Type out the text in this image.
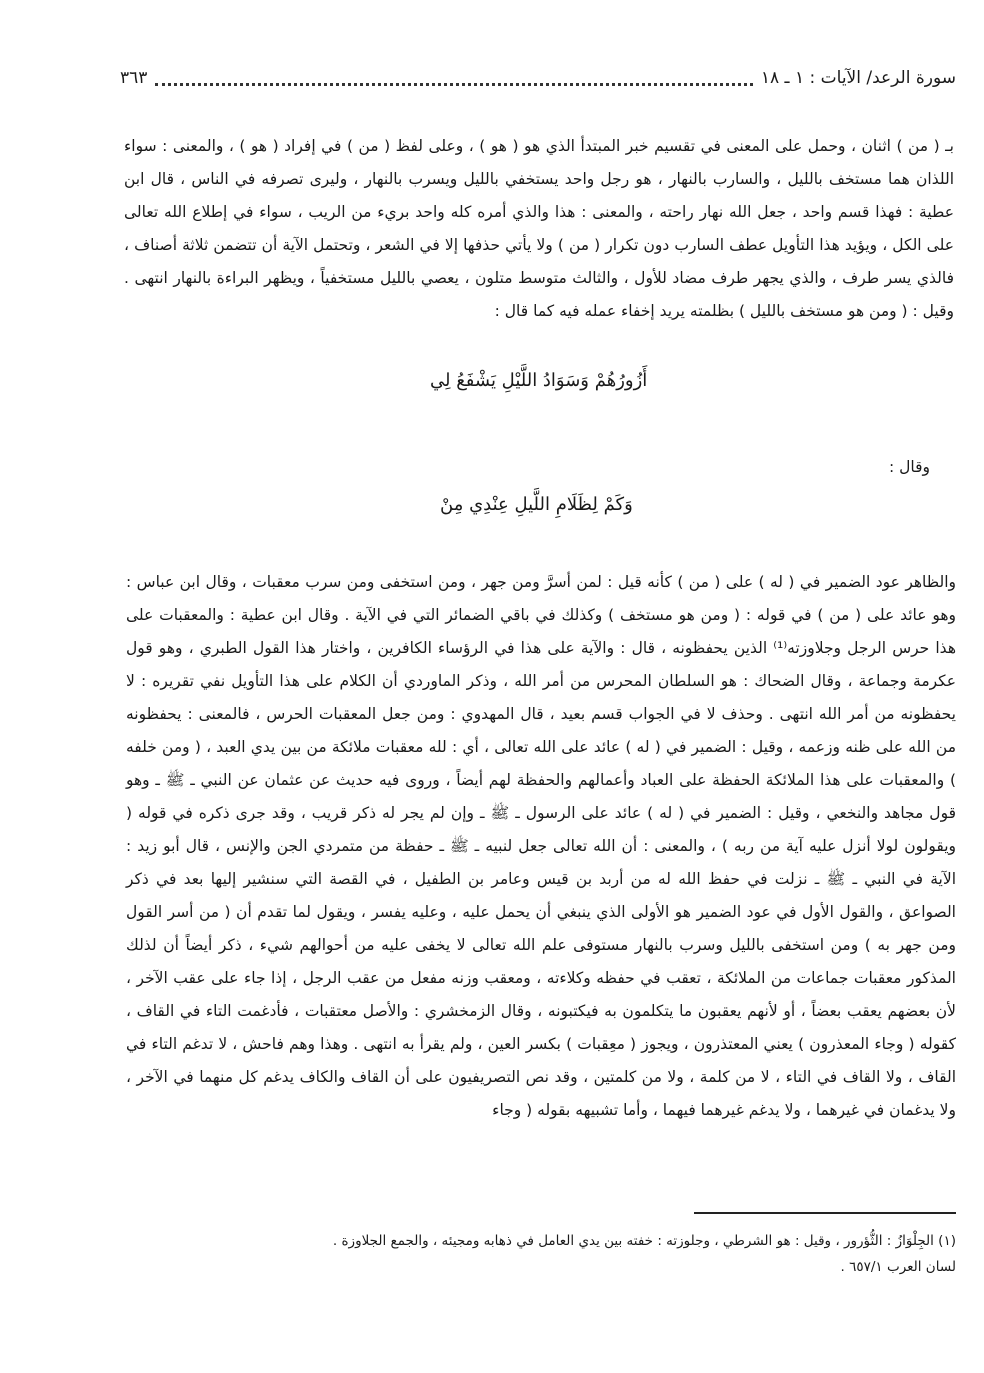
سورة الرعد/ الآيات : ١ ـ ١٨
٣٦٣

بـ ( من ) اثنان ، وحمل على المعنى في تقسيم خبر المبتدأ الذي هو ( هو ) ، وعلى لفظ ( من ) في إفراد ( هو ) ، والمعنى : سواء اللذان هما مستخف بالليل ، والسارب بالنهار ، هو رجل واحد يستخفي بالليل ويسرب بالنهار ، وليرى تصرفه في الناس ، قال ابن عطية : فهذا قسم واحد ، جعل الله نهار راحته ، والمعنى : هذا والذي أمره كله واحد بريء من الريب ، سواء في إطلاع الله تعالى على الكل ، ويؤيد هذا التأويل عطف السارب دون تكرار ( من ) ولا يأتي حذفها إلا في الشعر ، وتحتمل الآية أن تتضمن ثلاثة أصناف ، فالذي يسر طرف ، والذي يجهر طرف مضاد للأول ، والثالث متوسط متلون ، يعصي بالليل مستخفياً ، ويظهر البراءة بالنهار انتهى . وقيل : ( ومن هو مستخف بالليل ) بظلمته يريد إخفاء عمله فيه كما قال :

أَزُورُهُمْ وَسَوَادُ اللَّيْلِ يَشْفَعُ لِي
وقال :
وَكَمْ لِظَلَامِ اللَّيلِ عِنْدِي مِنْ

والظاهر عود الضمير في ( له ) على ( من ) كأنه قيل : لمن أسرَّ ومن جهر ، ومن استخفى ومن سرب معقبات ، وقال ابن عباس : وهو عائد على ( من ) في قوله : ( ومن هو مستخف ) وكذلك في باقي الضمائر التي في الآية . وقال ابن عطية : والمعقبات على هذا حرس الرجل وجلاوزته⁽¹⁾ الذين يحفظونه ، قال : والآية على هذا في الرؤساء الكافرين ، واختار هذا القول الطبري ، وهو قول عكرمة وجماعة ، وقال الضحاك : هو السلطان المحرس من أمر الله ، وذكر الماوردي أن الكلام على هذا التأويل نفي تقريره : لا يحفظونه من أمر الله انتهى . وحذف لا في الجواب قسم بعيد ، قال المهدوي : ومن جعل المعقبات الحرس ، فالمعنى : يحفظونه من الله على ظنه وزعمه ، وقيل : الضمير في ( له ) عائد على الله تعالى ، أي : لله معقبات ملائكة من بين يدي العبد ، ( ومن خلفه ) والمعقبات على هذا الملائكة الحفظة على العباد وأعمالهم والحفظة لهم أيضاً ، وروى فيه حديث عن عثمان عن النبي ـ ﷺ ـ وهو قول مجاهد والنخعي ، وقيل : الضمير في ( له ) عائد على الرسول ـ ﷺ ـ وإن لم يجر له ذكر قريب ، وقد جرى ذكره في قوله ( ويقولون لولا أنزل عليه آية من ربه ) ، والمعنى : أن الله تعالى جعل لنبيه ـ ﷺ ـ حفظة من متمردي الجن والإنس ، قال أبو زيد : الآية في النبي ـ ﷺ ـ نزلت في حفظ الله له من أربد بن قيس وعامر بن الطفيل ، في القصة التي سنشير إليها بعد في ذكر الصواعق ، والقول الأول في عود الضمير هو الأولى الذي ينبغي أن يحمل عليه ، وعليه يفسر ، ويقول لما تقدم أن ( من أسر القول ومن جهر به ) ومن استخفى بالليل وسرب بالنهار مستوفى علم الله تعالى لا يخفى عليه من أحوالهم شيء ، ذكر أيضاً أن لذلك المذكور معقبات جماعات من الملائكة ، تعقب في حفظه وكلاءته ، ومعقب وزنه مفعل من عقب الرجل ، إذا جاء على عقب الآخر ، لأن بعضهم يعقب بعضاً ، أو لأنهم يعقبون ما يتكلمون به فيكتبونه ، وقال الزمخشري : والأصل معتقبات ، فأدغمت التاء في القاف ، كقوله ( وجاء المعذرون ) يعني المعتذرون ، ويجوز ( معِقبات ) بكسر العين ، ولم يقرأ به انتهى . وهذا وهم فاحش ، لا تدغم التاء في القاف ، ولا القاف في التاء ، لا من كلمة ، ولا من كلمتين ، وقد نص التصريفيون على أن القاف والكاف يدغم كل منهما في الآخر ، ولا يدغمان في غيرهما ، ولا يدغم غيرهما فيهما ، وأما تشبيهه بقوله ( وجاء

(١) الجِلْوَازُ : الثُّؤرور ، وقيل : هو الشرطي ، وجلوزته : خفته بين يدي العامل في ذهابه ومجيئه ، والجمع الجلاوزة .
لسان العرب ٦٥٧/١ .
